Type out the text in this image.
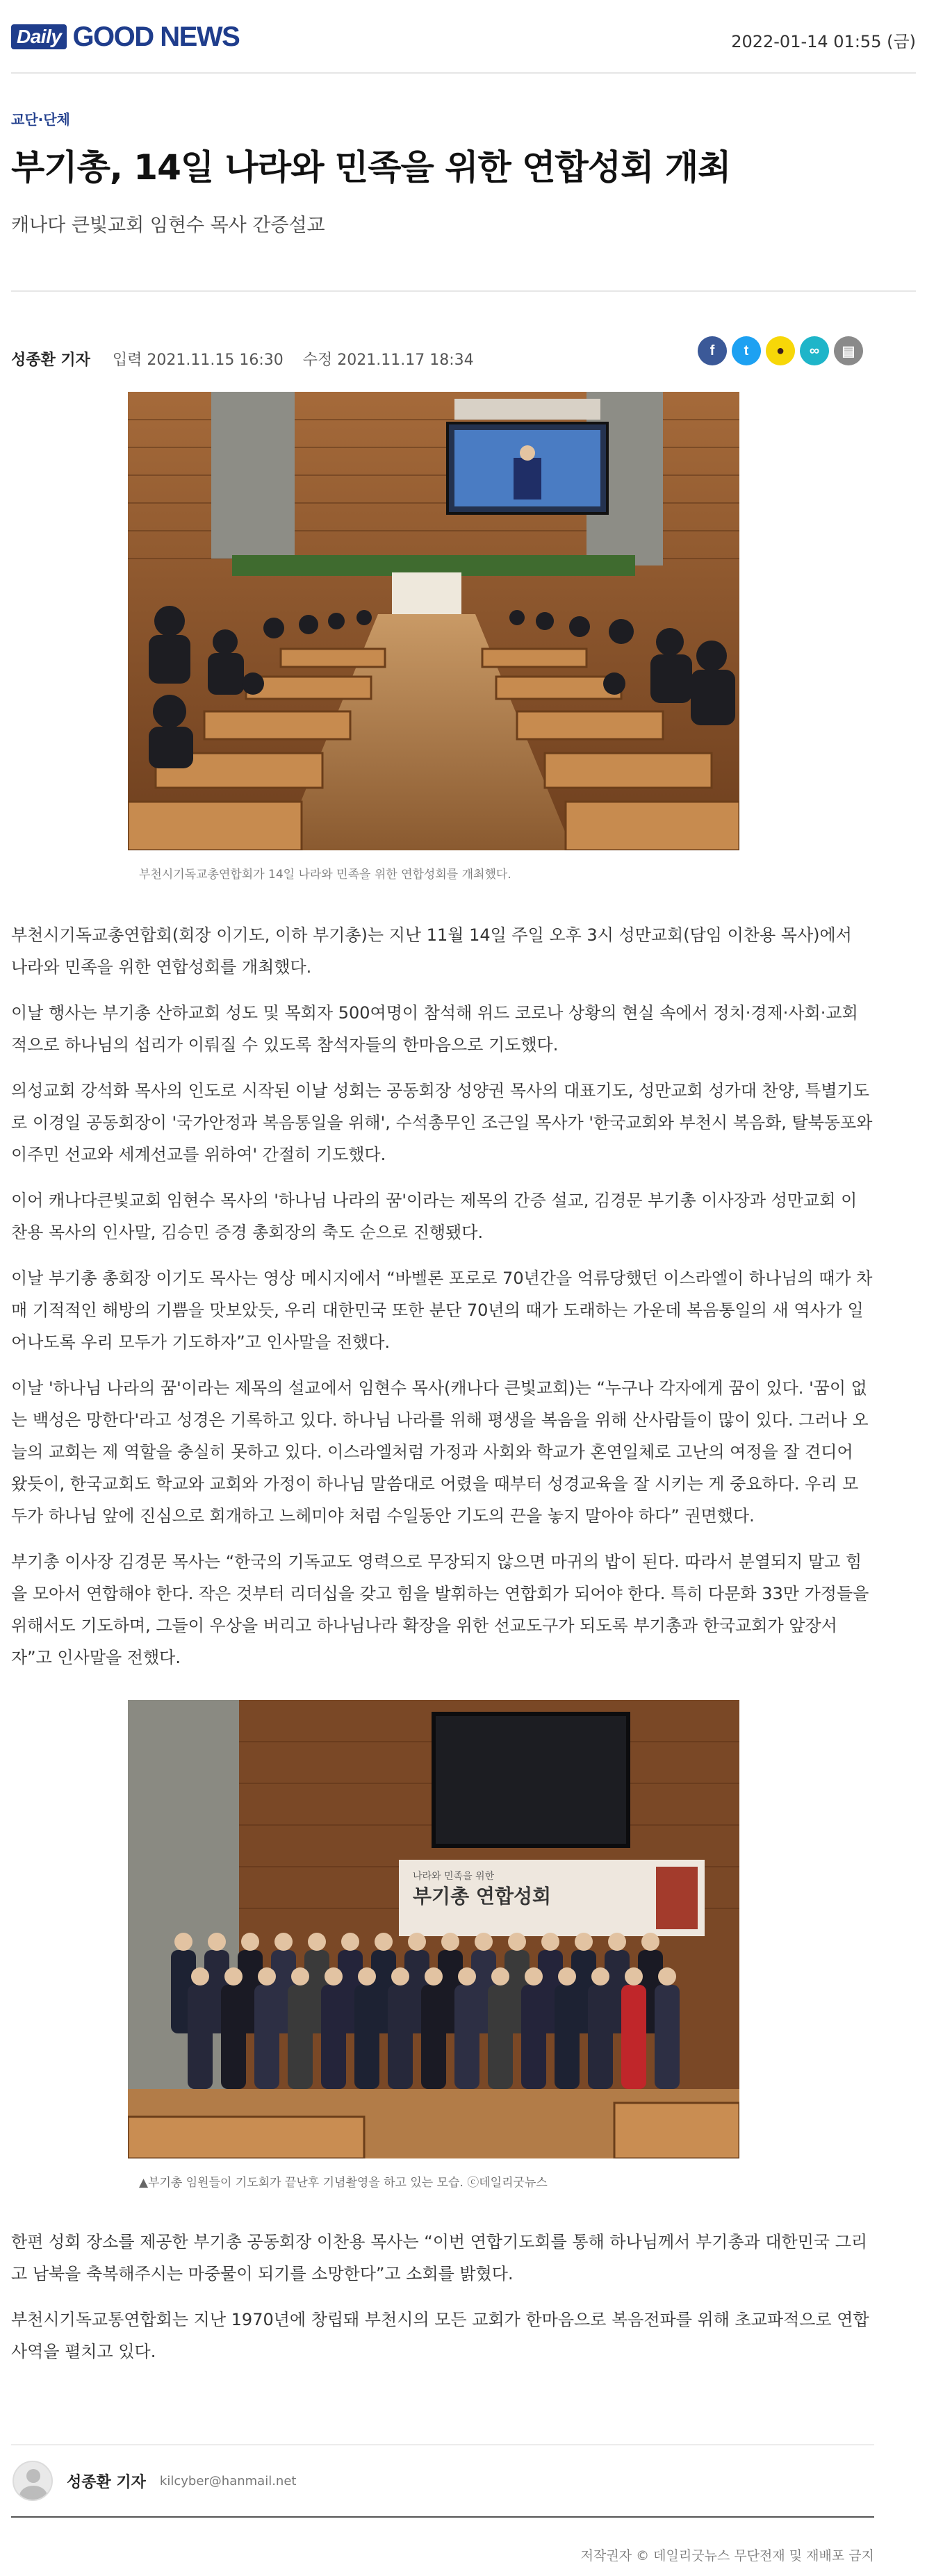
Daily GOOD NEWS	2022-01-14 01:55 (금)
교단·단체
부기총, 14일 나라와 민족을 위한 연합성회 개최
캐나다 큰빛교회 임현수 목사 간증설교
성종환 기자 입력 2021.11.15 16:30 수정 2021.11.17 18:34
f	t	●	∞	▤
부천시기독교총연합회가 14일 나라와 민족을 위한 연합성회를 개최했다.

부천시기독교총연합회(회장 이기도, 이하 부기총)는 지난 11월 14일 주일 오후 3시 성만교회(담임 이찬용 목사)에서 나라와 민족을 위한 연합성회를 개최했다.

이날 행사는 부기총 산하교회 성도 및 목회자 500여명이 참석해 위드 코로나 상황의 현실 속에서 정치·경제·사회·교회적으로 하나님의 섭리가 이뤄질 수 있도록 참석자들의 한마음으로 기도했다.

의성교회 강석화 목사의 인도로 시작된 이날 성회는 공동회장 성양권 목사의 대표기도, 성만교회 성가대 찬양, 특별기도로 이경일 공동회장이 '국가안정과 복음통일을 위해', 수석총무인 조근일 목사가 '한국교회와 부천시 복음화, 탈북동포와 이주민 선교와 세계선교를 위하여' 간절히 기도했다.

이어 캐나다큰빛교회 임현수 목사의 '하나님 나라의 꿈'이라는 제목의 간증 설교, 김경문 부기총 이사장과 성만교회 이찬용 목사의 인사말, 김승민 증경 총회장의 축도 순으로 진행됐다.

이날 부기총 총회장 이기도 목사는 영상 메시지에서 “바벨론 포로로 70년간을 억류당했던 이스라엘이 하나님의 때가 차매 기적적인 해방의 기쁨을 맛보았듯, 우리 대한민국 또한 분단 70년의 때가 도래하는 가운데 복음통일의 새 역사가 일어나도록 우리 모두가 기도하자”고 인사말을 전했다.

이날 '하나님 나라의 꿈'이라는 제목의 설교에서 임현수 목사(캐나다 큰빛교회)는 “누구나 각자에게 꿈이 있다. '꿈이 없는 백성은 망한다'라고 성경은 기록하고 있다. 하나님 나라를 위해 평생을 복음을 위해 산사람들이 많이 있다. 그러나 오늘의 교회는 제 역할을 충실히 못하고 있다. 이스라엘처럼 가정과 사회와 학교가 혼연일체로 고난의 여정을 잘 견디어 왔듯이, 한국교회도 학교와 교회와 가정이 하나님 말씀대로 어렸을 때부터 성경교육을 잘 시키는 게 중요하다. 우리 모두가 하나님 앞에 진심으로 회개하고 느헤미야 처럼 수일동안 기도의 끈을 놓지 말아야 하다” 권면했다.

부기총 이사장 김경문 목사는 “한국의 기독교도 영력으로 무장되지 않으면 마귀의 밥이 된다. 따라서 분열되지 말고 힘을 모아서 연합해야 한다. 작은 것부터 리더십을 갖고 힘을 발휘하는 연합회가 되어야 한다. 특히 다문화 33만 가정들을 위해서도 기도하며, 그들이 우상을 버리고 하나님나라 확장을 위한 선교도구가 되도록 부기총과 한국교회가 앞장서자”고 인사말을 전했다.

나라와 민족을 위한
부기총 연합성회
▲부기총 임원들이 기도회가 끝난후 기념촬영을 하고 있는 모습. ⓒ데일리굿뉴스

한편 성회 장소를 제공한 부기총 공동회장 이찬용 목사는 “이번 연합기도회를 통해 하나님께서 부기총과 대한민국 그리고 남북을 축복해주시는 마중물이 되기를 소망한다”고 소회를 밝혔다.

부천시기독교통연합회는 지난 1970년에 창립돼 부천시의 모든 교회가 한마음으로 복음전파를 위해 초교파적으로 연합사역을 펼치고 있다.

성종환 기자 kilcyber@hanmail.net
저작권자 © 데일리굿뉴스 무단전재 및 재배포 금지
